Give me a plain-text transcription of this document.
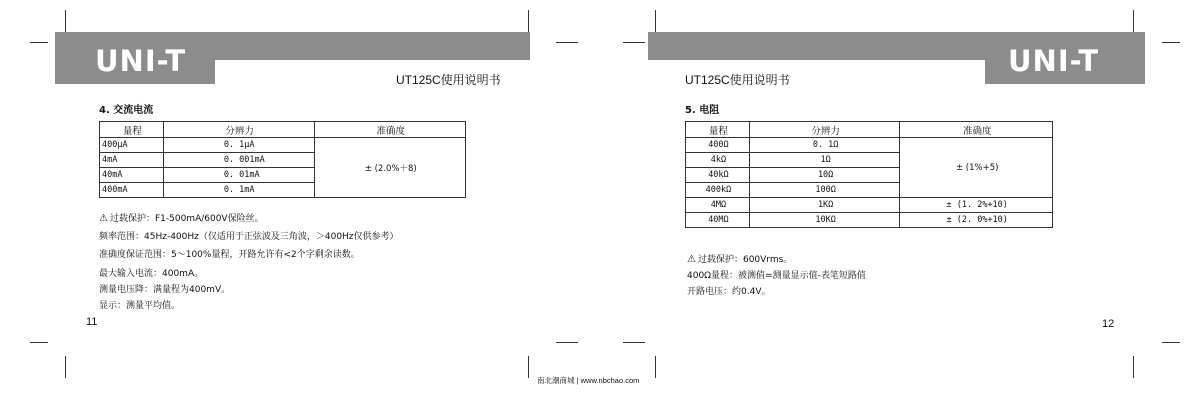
UNI-T
UT125C使用说明书
4. 交流电流
量程	分辨力	准确度
400μA	0. 1μA	± (2.0%＋8)
4mA	0. 001mA	
40mA	0. 01mA	
400mA	0. 1mA	
⚠ 过载保护：F1-500mA/600V保险丝。
频率范围：45Hz-400Hz（仅适用于正弦波及三角波，＞400Hz仅供参考）
准确度保证范围：5～100%量程，开路允许有<2个字剩余读数。
最大输入电流：400mA。
测量电压降：满量程为400mV。
显示：测量平均值。
11
UNI-T
UT125C使用说明书
5. 电阻
量程	分辨力	准确度
400Ω	0. 1Ω	± (1%+5)
4kΩ	1Ω	
40kΩ	10Ω	
400kΩ	100Ω	
4MΩ	1KΩ	± (1. 2%+10)
40MΩ	10KΩ	± (2. 0%+10)
⚠ 过载保护：600Vrms。
400Ω量程：被测值=测量显示值-表笔短路值
开路电压：约0.4V。
12
南北潮商城 | www.nbchao.com
